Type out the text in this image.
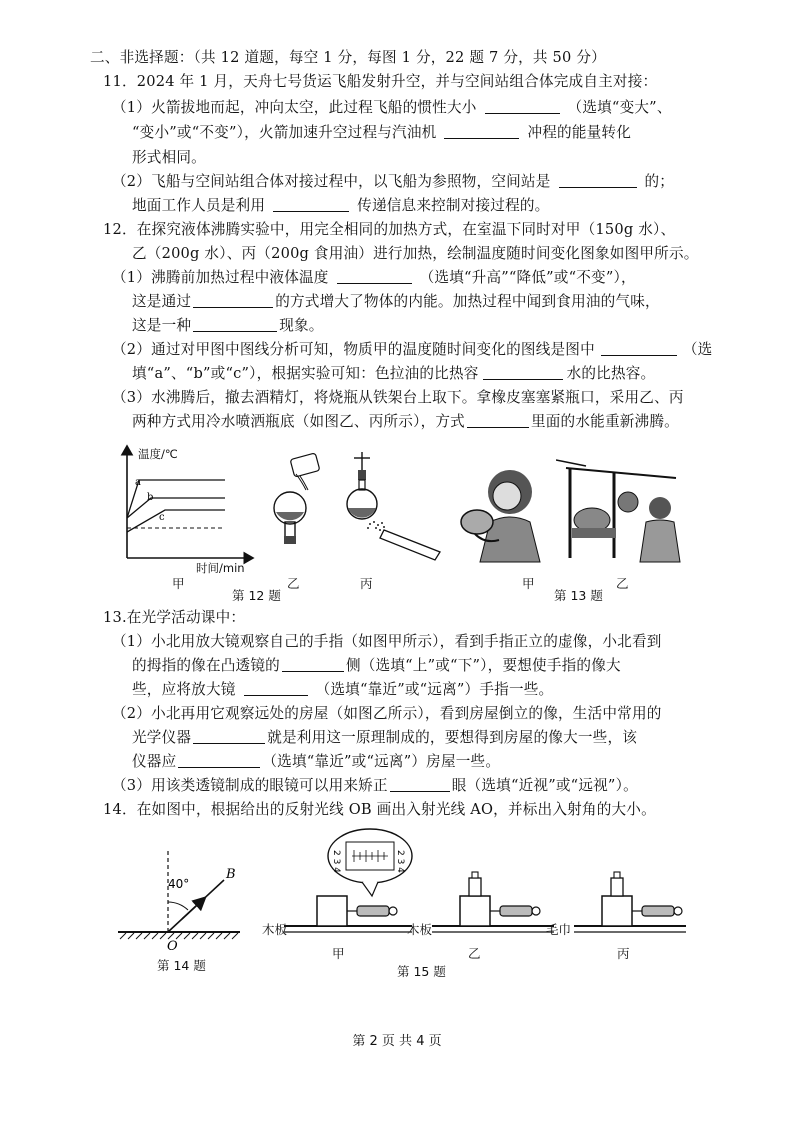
二、非选择题：（共 12 道题，每空 1 分，每图 1 分，22 题 7 分，共 50 分）
11．2024 年 1 月，天舟七号货运飞船发射升空，并与空间站组合体完成自主对接：
（1）火箭拔地而起，冲向太空，此过程飞船的惯性大小	（选填“变大”、
“变小”或“不变”），火箭加速升空过程与汽油机	冲程的能量转化
形式相同。
（2）飞船与空间站组合体对接过程中，以飞船为参照物，空间站是	的；
地面工作人员是利用	传递信息来控制对接过程的。
12．在探究液体沸腾实验中，用完全相同的加热方式，在室温下同时对甲（150g 水）、
乙（200g 水）、丙（200g 食用油）进行加热，绘制温度随时间变化图象如图甲所示。
（1）沸腾前加热过程中液体温度	（选填“升高”“降低”或“不变”），
这是通过	的方式增大了物体的内能。加热过程中闻到食用油的气味，
这是一种	现象。
（2）通过对甲图中图线分析可知，物质甲的温度随时间变化的图线是图中	（选
填“a”、“b”或“c”），根据实验可知：色拉油的比热容	水的比热容。
（3）水沸腾后，撤去酒精灯，将烧瓶从铁架台上取下。拿橡皮塞塞紧瓶口，采用乙、丙
两种方式用冷水喷洒瓶底（如图乙、丙所示），方式	里面的水能重新沸腾。
a
b
c
温度/℃
时间/min
甲	乙	丙
第 12 题
甲	乙
第 13 题
13.在光学活动课中：
（1）小北用放大镜观察自己的手指（如图甲所示），看到手指正立的虚像，小北看到
的拇指的像在凸透镜的	侧（选填“上”或“下”），要想使手指的像大
些，应将放大镜	（选填“靠近”或“远离”）手指一些。
（2）小北再用它观察远处的房屋（如图乙所示），看到房屋倒立的像，生活中常用的
光学仪器	就是利用这一原理制成的，要想得到房屋的像大一些，该
仪器应	（选填“靠近”或“远离”）房屋一些。
（3）用该类透镜制成的眼镜可以用来矫正	眼（选填“近视”或“远视”）。
14．在如图中，根据给出的反射光线 OB 画出入射光线 AO，并标出入射角的大小。
40°
B
O
第 14 题
2 3 4	2 3 4
木板	木板	毛巾
甲	乙	丙
第 15 题
第 2 页 共 4 页
